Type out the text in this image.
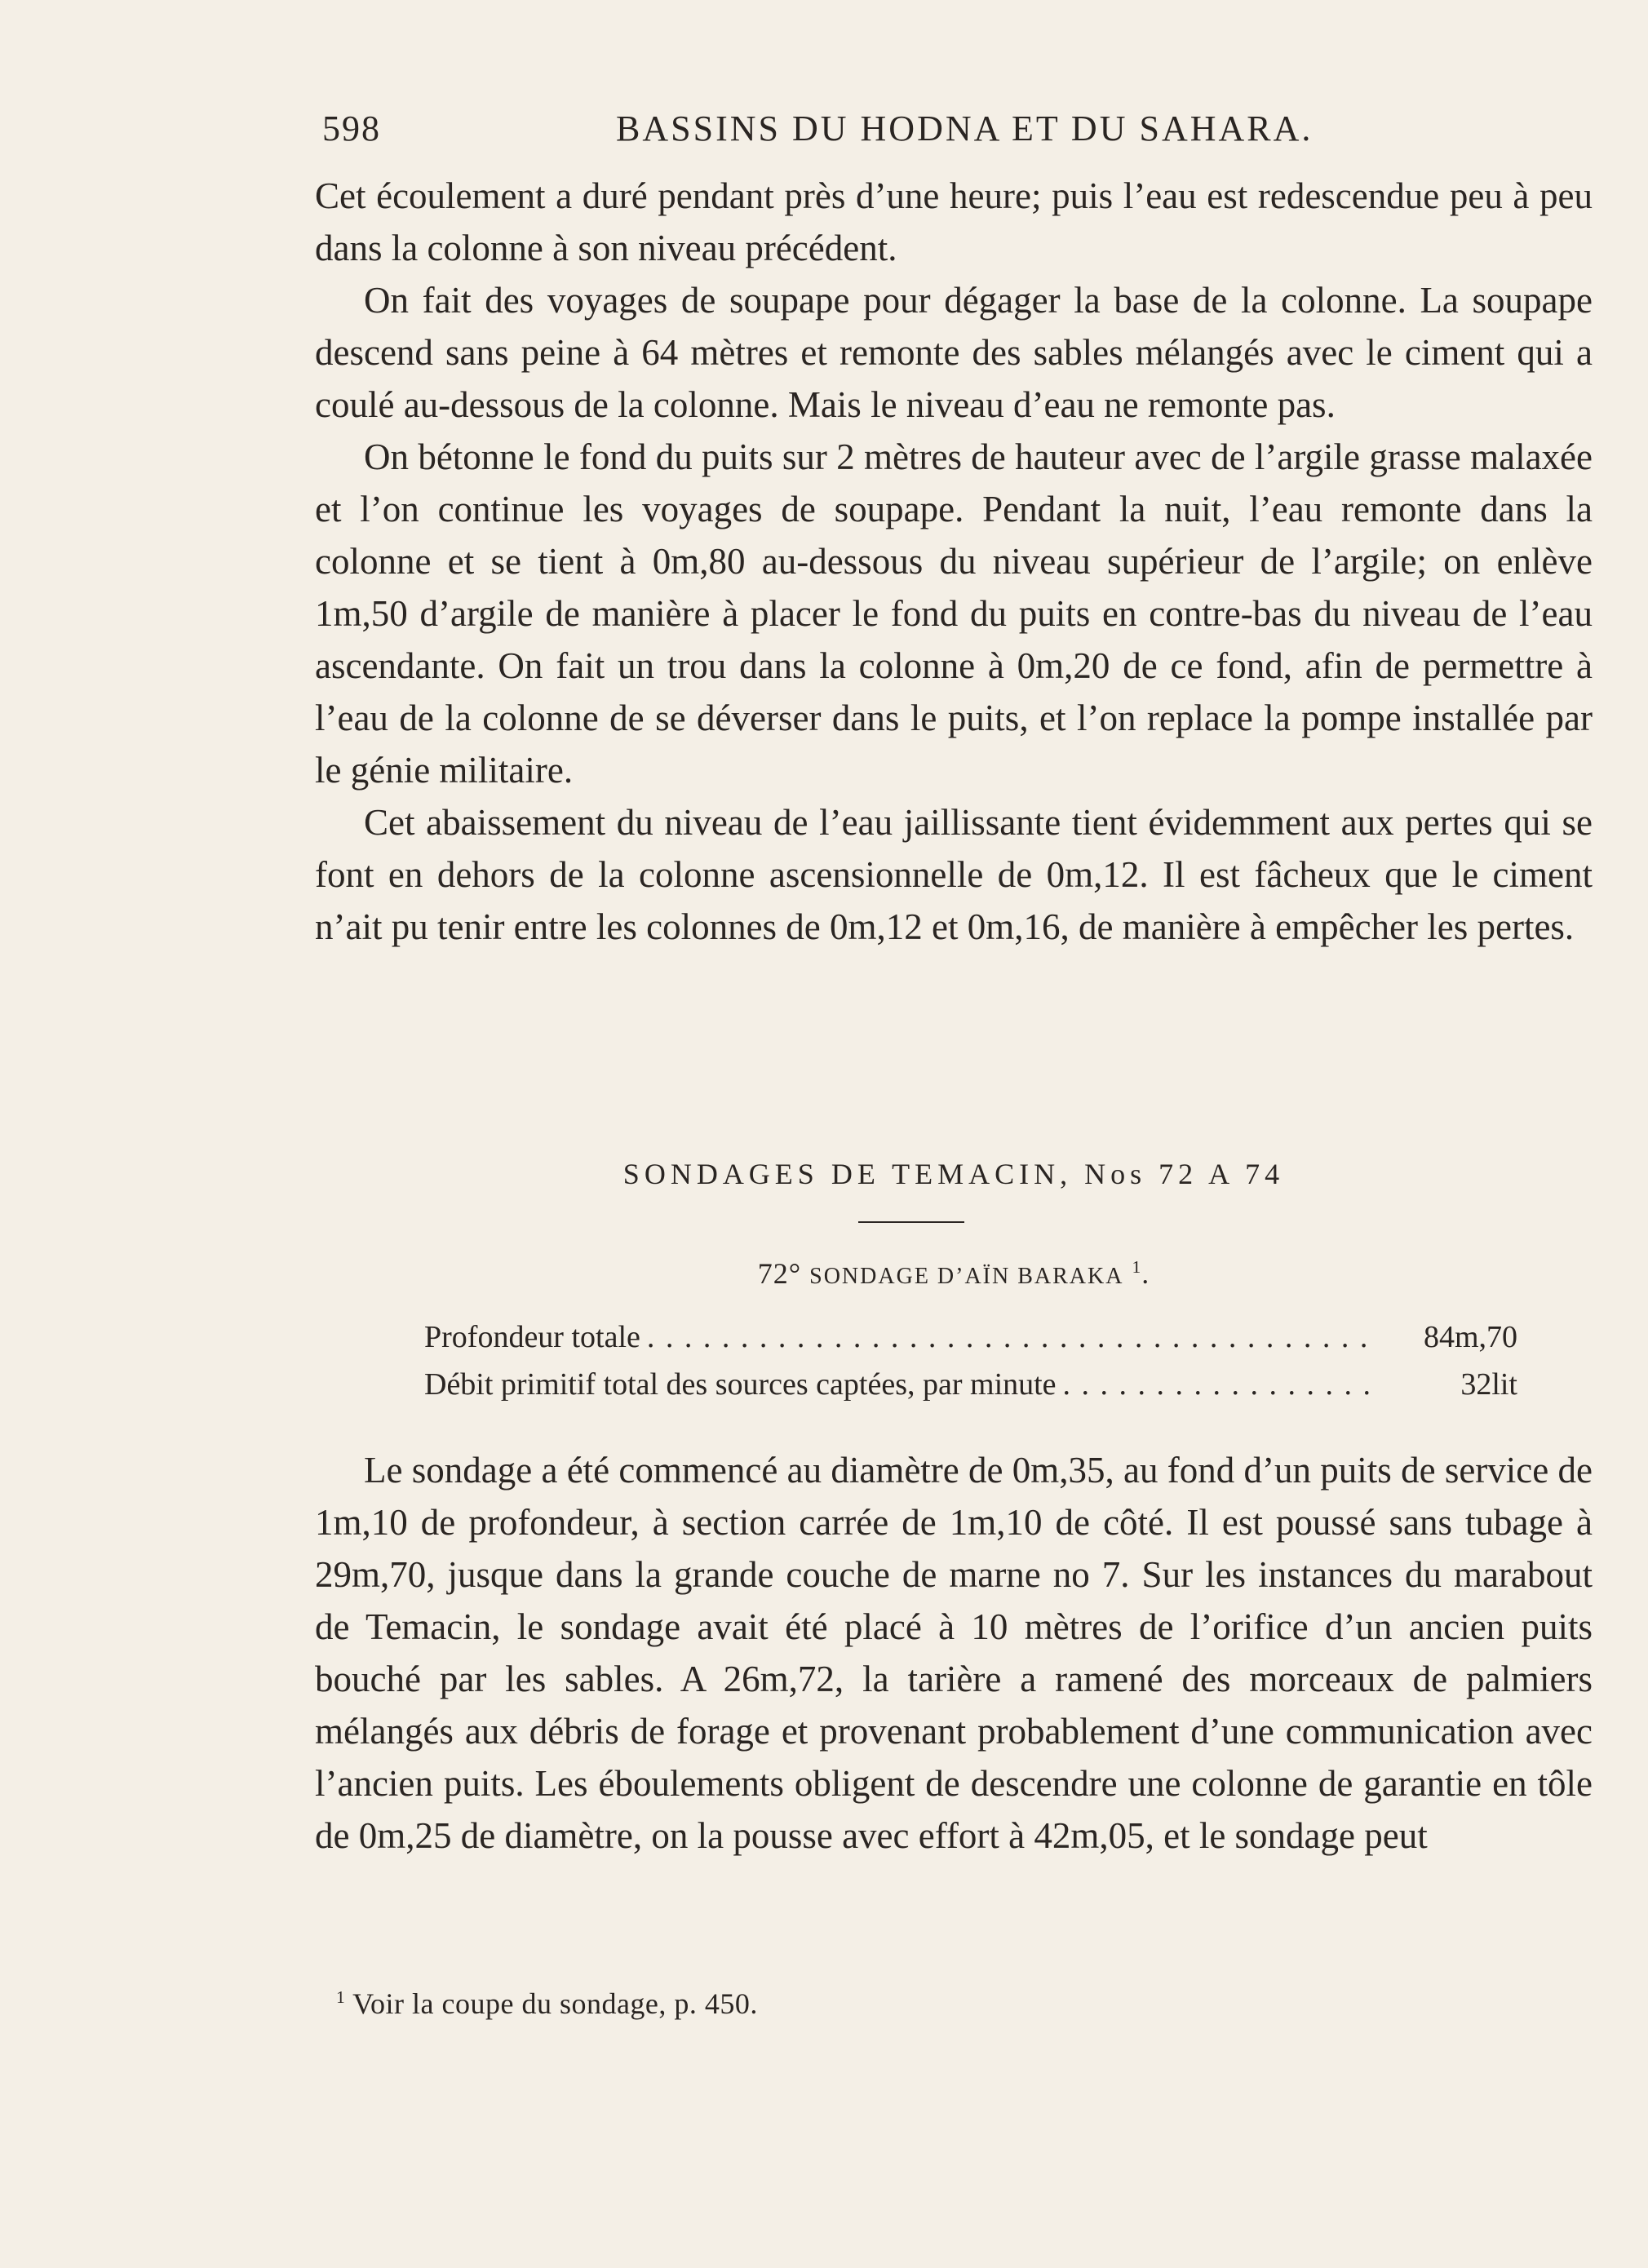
598	BASSINS DU HODNA ET DU SAHARA.

Cet écoulement a duré pendant près d’une heure; puis l’eau est redescendue peu à peu dans la colonne à son niveau précédent.

On fait des voyages de soupape pour dégager la base de la colonne. La soupape descend sans peine à 64 mètres et remonte des sables mélangés avec le ciment qui a coulé au-dessous de la colonne. Mais le niveau d’eau ne remonte pas.

On bétonne le fond du puits sur 2 mètres de hauteur avec de l’argile grasse malaxée et l’on continue les voyages de soupape. Pendant la nuit, l’eau remonte dans la colonne et se tient à 0m,80 au-dessous du niveau supérieur de l’argile; on enlève 1m,50 d’argile de manière à placer le fond du puits en contre-bas du niveau de l’eau ascendante. On fait un trou dans la colonne à 0m,20 de ce fond, afin de permettre à l’eau de la colonne de se déverser dans le puits, et l’on replace la pompe installée par le génie militaire.

Cet abaissement du niveau de l’eau jaillissante tient évidemment aux pertes qui se font en dehors de la colonne ascensionnelle de 0m,12. Il est fâcheux que le ciment n’ait pu tenir entre les colonnes de 0m,12 et 0m,16, de manière à empêcher les pertes.

SONDAGES DE TEMACIN, Nos 72 A 74
72° SONDAGE D’AÏN BARAKA $^1$.
Profondeur totale . . .	84m,70
Débit primitif total des sources captées, par minute . . .	32lit

Le sondage a été commencé au diamètre de 0m,35, au fond d’un puits de service de 1m,10 de profondeur, à section carrée de 1m,10 de côté. Il est poussé sans tubage à 29m,70, jusque dans la grande couche de marne no 7. Sur les instances du marabout de Temacin, le sondage avait été placé à 10 mètres de l’orifice d’un ancien puits bouché par les sables. A 26m,72, la tarière a ramené des morceaux de palmiers mélangés aux débris de forage et provenant probablement d’une communication avec l’ancien puits. Les éboulements obligent de descendre une colonne de garantie en tôle de 0m,25 de diamètre, on la pousse avec effort à 42m,05, et le sondage peut

$^1$ Voir la coupe du sondage, p. 450.
